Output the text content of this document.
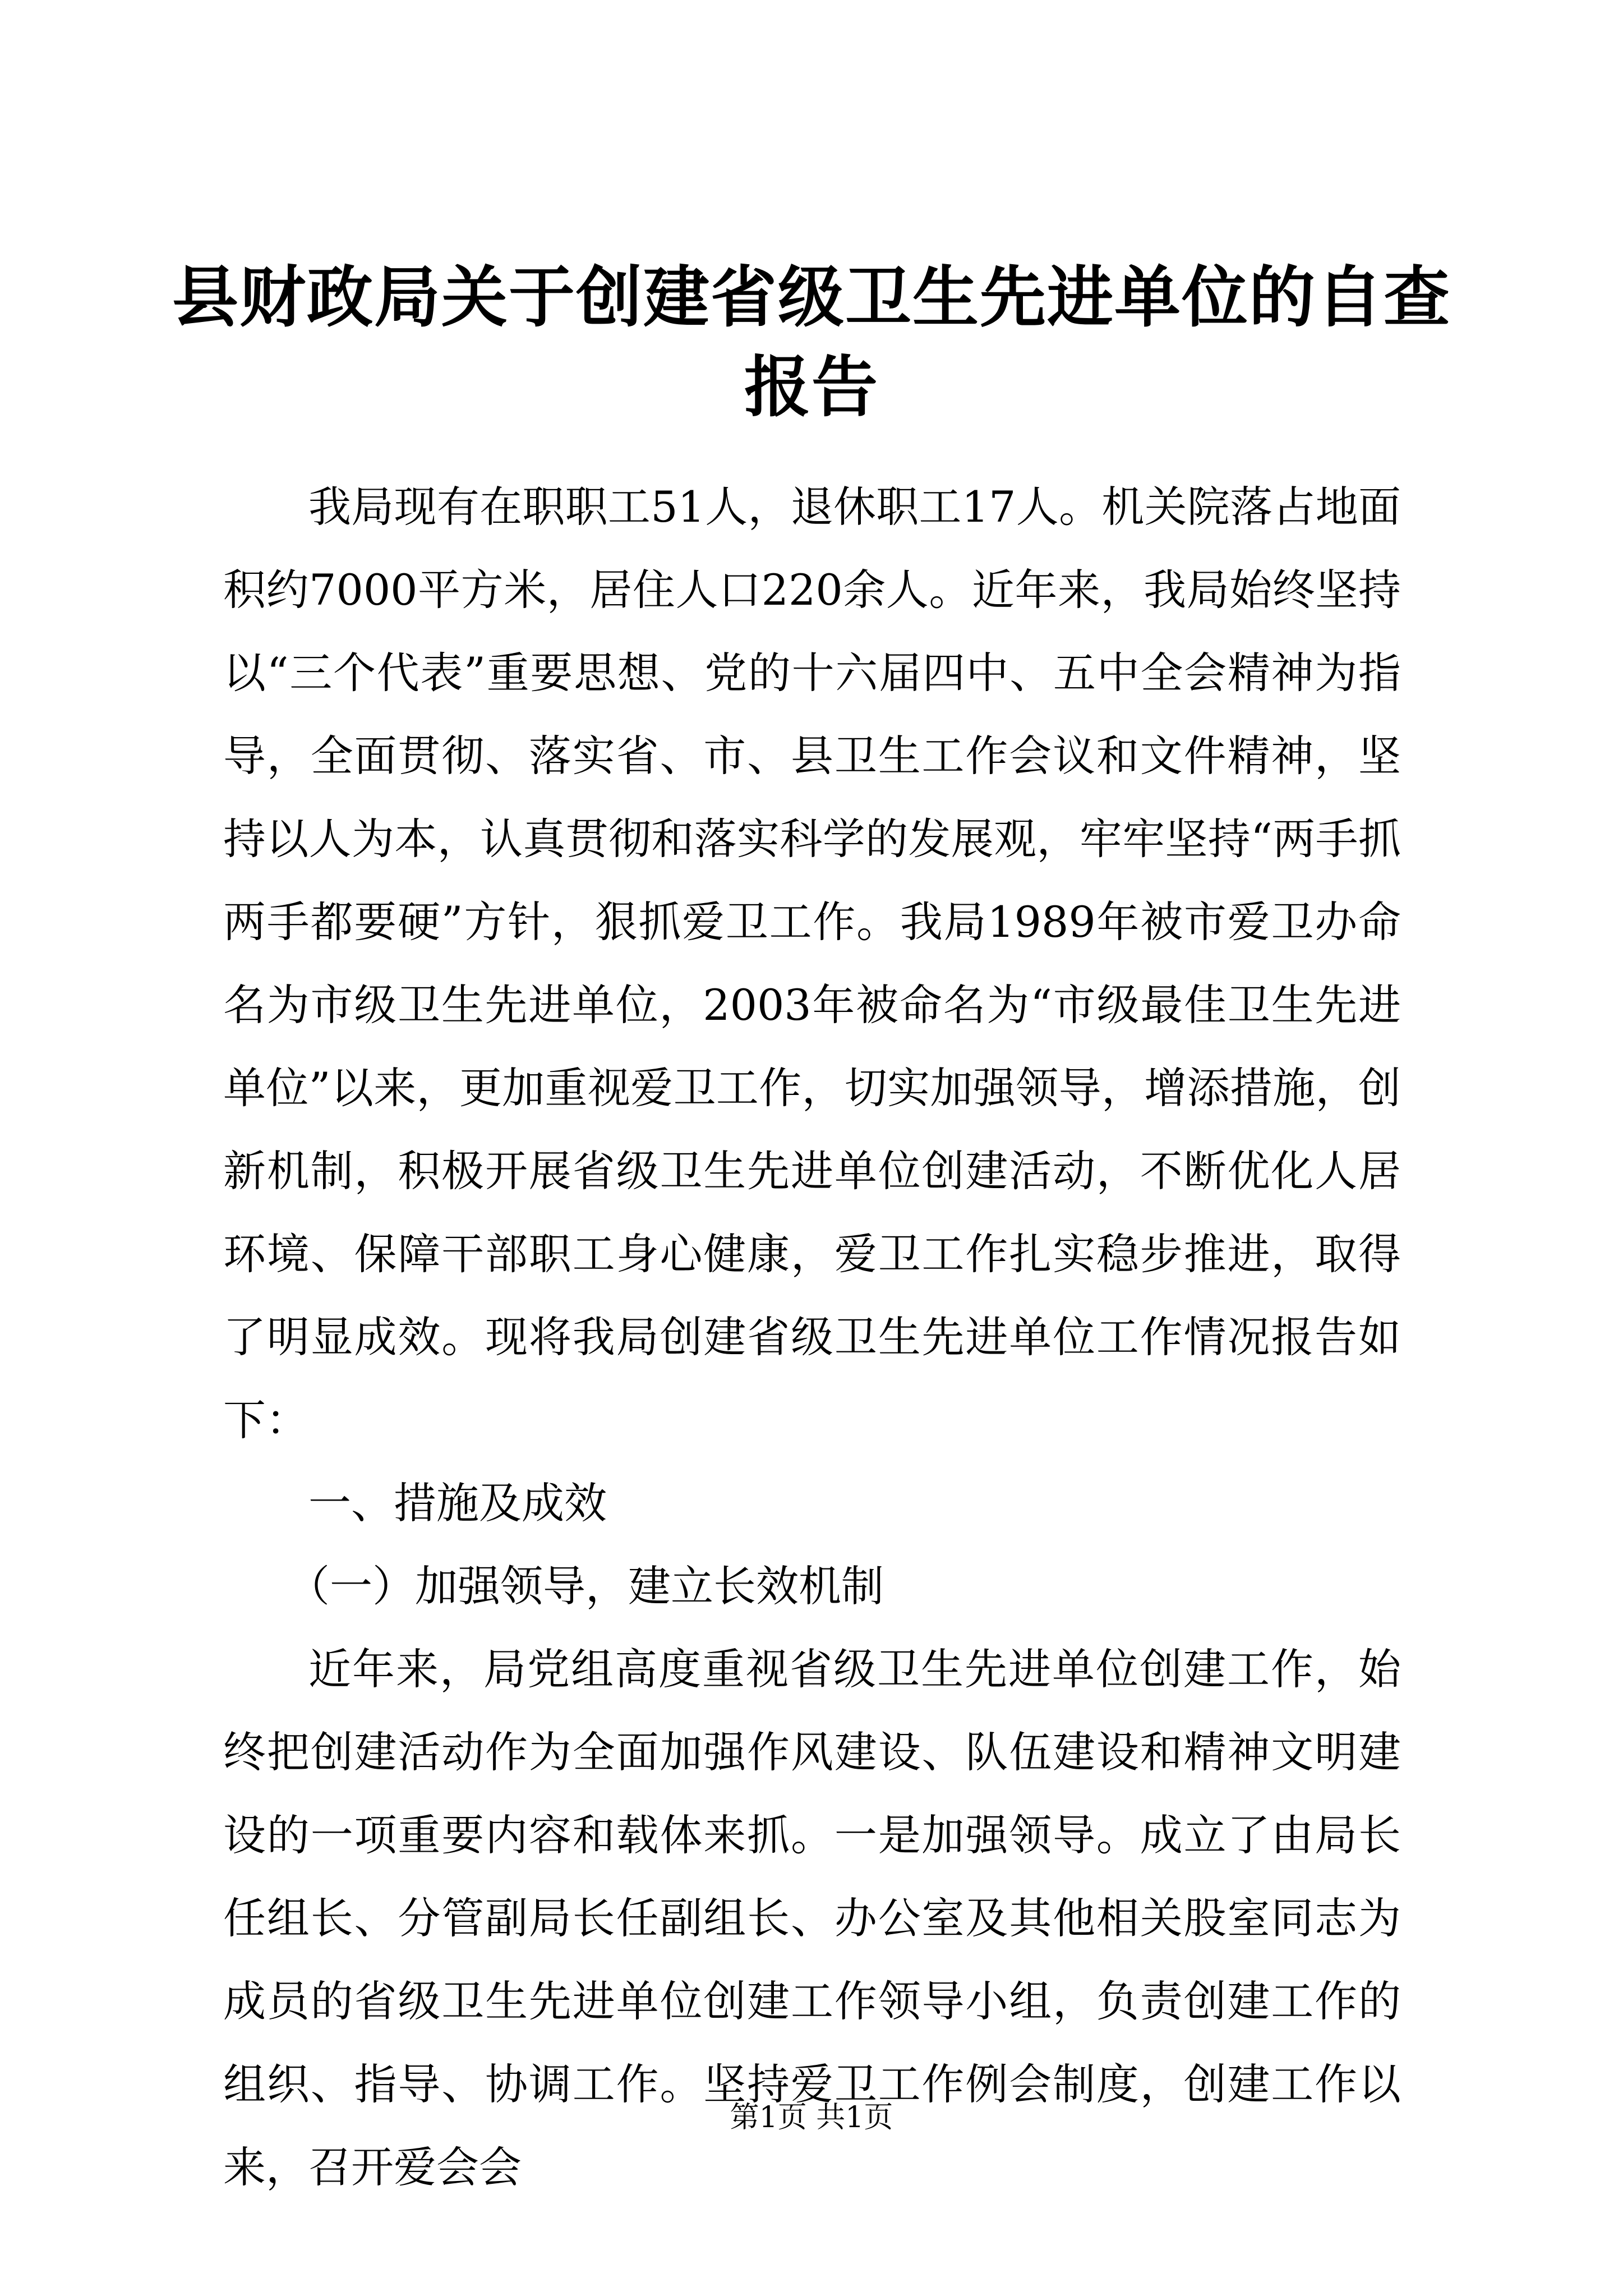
县财政局关于创建省级卫生先进单位的自查报告

我局现有在职职工51人，退休职工17人。机关院落占地面积约7000平方米，居住人口220余人。近年来，我局始终坚持以“三个代表”重要思想、党的十六届四中、五中全会精神为指导，全面贯彻、落实省、市、县卫生工作会议和文件精神，坚持以人为本，认真贯彻和落实科学的发展观，牢牢坚持“两手抓两手都要硬”方针，狠抓爱卫工作。我局1989年被市爱卫办命名为市级卫生先进单位，2003年被命名为“市级最佳卫生先进单位”以来，更加重视爱卫工作，切实加强领导，增添措施，创新机制，积极开展省级卫生先进单位创建活动，不断优化人居环境、保障干部职工身心健康，爱卫工作扎实稳步推进，取得了明显成效。现将我局创建省级卫生先进单位工作情况报告如下：

一、措施及成效

（一）加强领导，建立长效机制

近年来，局党组高度重视省级卫生先进单位创建工作，始终把创建活动作为全面加强作风建设、队伍建设和精神文明建设的一项重要内容和载体来抓。一是加强领导。成立了由局长任组长、分管副局长任副组长、办公室及其他相关股室同志为成员的省级卫生先进单位创建工作领导小组，负责创建工作的组织、指导、协调工作。坚持爱卫工作例会制度，创建工作以来，召开爱会会

第1页 共1页
